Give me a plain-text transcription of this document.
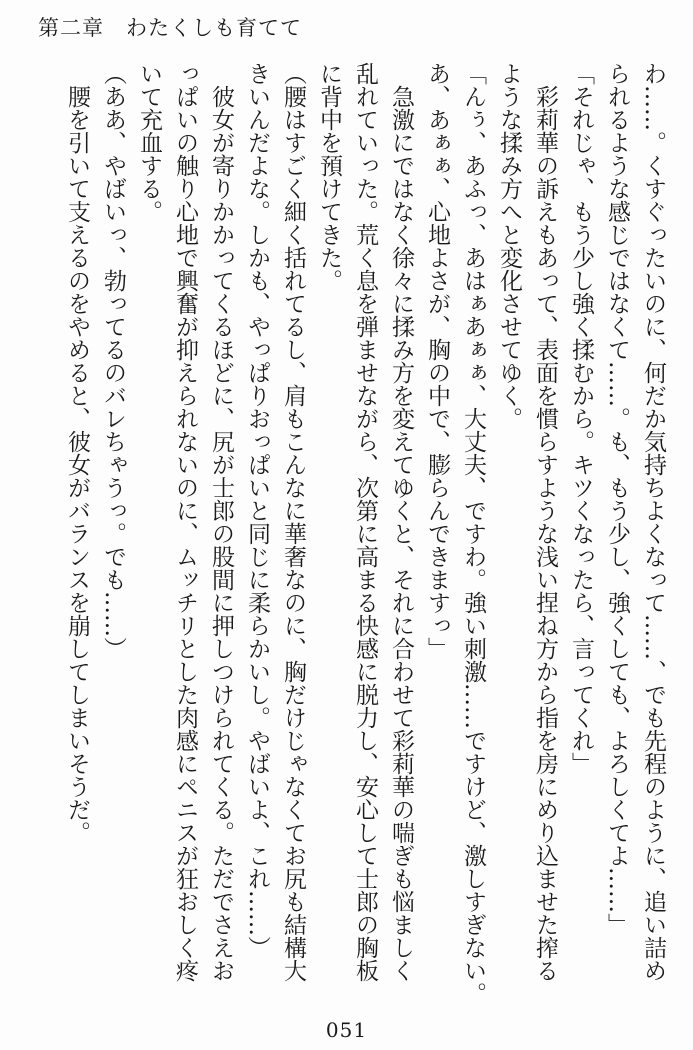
第二章　わたくしも育てて

わ……。くすぐったいのに、何だか気持ちよくなって……、でも先程のように、追い詰め

られるような感じではなくて……。も、もう少し、強くしても、よろしくてよ……」

「それじゃ、もう少し強く揉むから。キツくなったら、言ってくれ」

　彩莉華の訴えもあって、表面を慣らすような浅い捏ね方から指を房にめり込ませた搾る

ような揉み方へと変化させてゆく。

「んぅ、あふっ、あはぁあぁぁ、大丈夫、ですわ。強い刺激……ですけど、激しすぎない。

あ、あぁぁ、心地よさが、胸の中で、膨らんできますっ」

　急激にではなく徐々に揉み方を変えてゆくと、それに合わせて彩莉華の喘ぎも悩ましく

乱れていった。荒く息を弾ませながら、次第に高まる快感に脱力し、安心して士郎の胸板

に背中を預けてきた。

（腰はすごく細く括れてるし、肩もこんなに華奢なのに、胸だけじゃなくてお尻も結構大

きいんだよな。しかも、やっぱりおっぱいと同じに柔らかいし。やばいよ、これ……）

　彼女が寄りかかってくるほどに、尻が士郎の股間に押しつけられてくる。ただでさえお

っぱいの触り心地で興奮が抑えられないのに、ムッチリとした肉感にペニスが狂おしく疼

いて充血する。

（ああ、やばいっ、勃ってるのバレちゃうっ。でも……）

　腰を引いて支えるのをやめると、彼女がバランスを崩してしまいそうだ。

051
